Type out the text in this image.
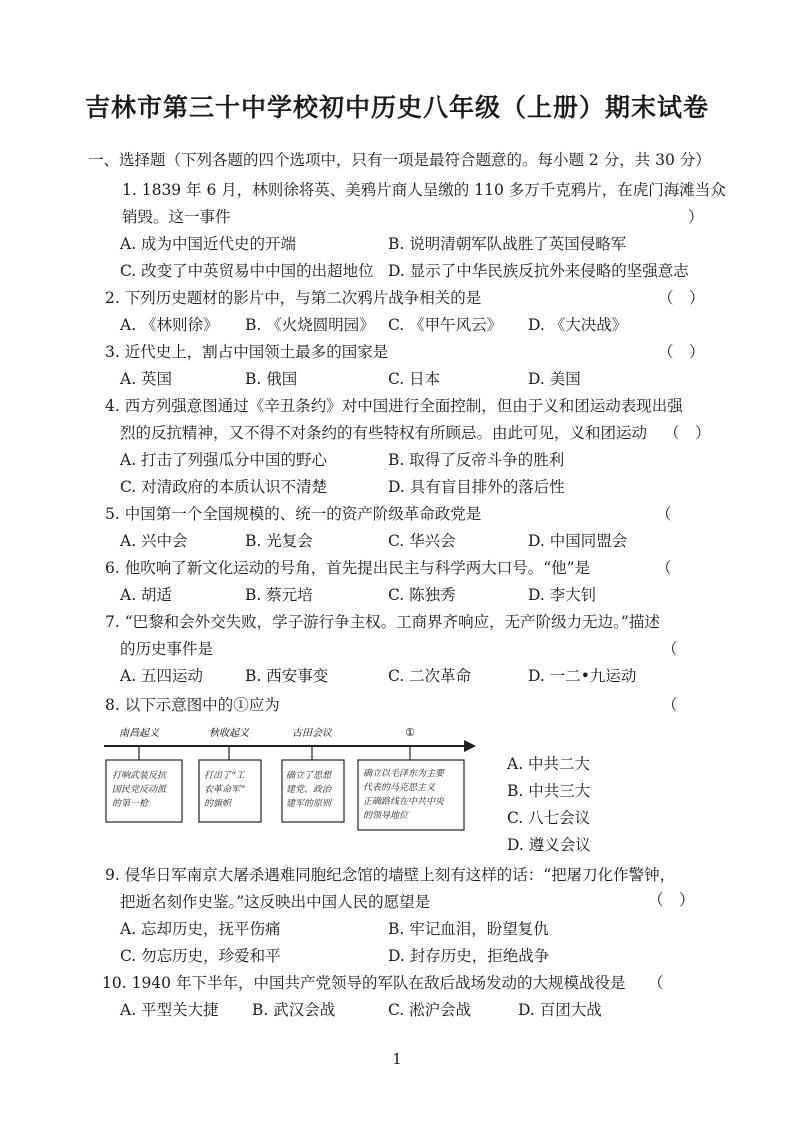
吉林市第三十中学校初中历史八年级（上册）期末试卷
一、选择题（下列各题的四个选项中，只有一项是最符合题意的。每小题 2 分，共 30 分）
1. 1839 年 6 月，林则徐将英、美鸦片商人呈缴的 110 多万千克鸦片，在虎门海滩当众
销毁。这一事件	）
A. 成为中国近代史的开端	B. 说明清朝军队战胜了英国侵略军
C. 改变了中英贸易中中国的出超地位 D. 显示了中华民族反抗外来侵略的坚强意志
2. 下列历史题材的影片中，与第二次鸦片战争相关的是	（　）
A. 《林则徐》 B. 《火烧圆明园》 C. 《甲午风云》 D. 《大决战》
3. 近代史上，割占中国领土最多的国家是	（　）
A. 英国	B. 俄国	C. 日本	D. 美国
4. 西方列强意图通过《辛丑条约》对中国进行全面控制，但由于义和团运动表现出强
烈的反抗精神，又不得不对条约的有些特权有所顾忌。由此可见，义和团运动 （　）
A. 打击了列强瓜分中国的野心	B. 取得了反帝斗争的胜利
C. 对清政府的本质认识不清楚	D. 具有盲目排外的落后性
5. 中国第一个全国规模的、统一的资产阶级革命政党是	（
A. 兴中会	B. 光复会	C. 华兴会	D. 中国同盟会
6. 他吹响了新文化运动的号角，首先提出民主与科学两大口号。“他”是	（
A. 胡适	B. 蔡元培	C. 陈独秀	D. 李大钊
7. “巴黎和会外交失败，学子游行争主权。工商界齐响应，无产阶级力无边。”描述
的历史事件是	（
A. 五四运动	B. 西安事变	C. 二次革命	D. 一二•九运动
8. 以下示意图中的①应为	（
南昌起义	秋收起义	古田会议	①
打响武装反抗
国民党反动派
的第一枪
打出了“工
农革命军”
的旗帜
确立了思想
建党、政治
建军的原则
确立以毛泽东为主要
代表的马克思主义
正确路线在中共中央
的领导地位
A. 中共二大
B. 中共三大
C. 八七会议
D. 遵义会议
9. 侵华日军南京大屠杀遇难同胞纪念馆的墙壁上刻有这样的话：“把屠刀化作警钟，
把逝名刻作史鉴。”这反映出中国人民的愿望是	（　）
A. 忘却历史，抚平伤痛	B. 牢记血泪，盼望复仇
C. 勿忘历史，珍爱和平	D. 封存历史，拒绝战争
10. 1940 年下半年，中国共产党领导的军队在敌后战场发动的大规模战役是 （
A. 平型关大捷 B. 武汉会战	C. 淞沪会战	D. 百团大战
1
